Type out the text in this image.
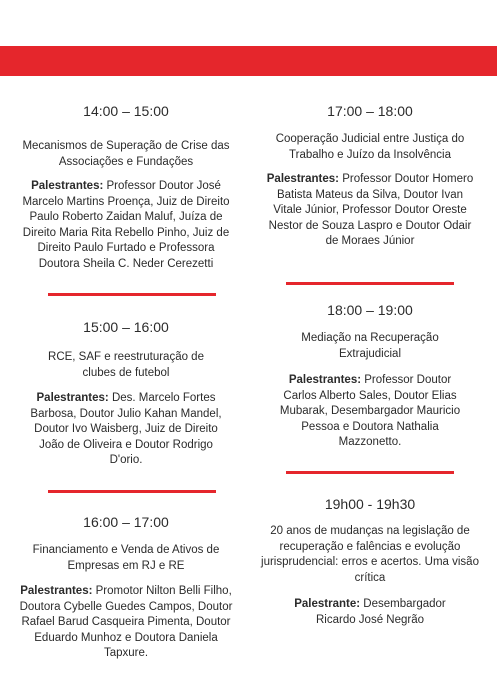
14:00 – 15:00

Mecanismos de Superação de Crise das Associações e Fundações

Palestrantes: Professor Doutor José Marcelo Martins Proença, Juiz de Direito Paulo Roberto Zaidan Maluf, Juíza de Direito Maria Rita Rebello Pinho, Juiz de Direito Paulo Furtado e Professora Doutora Sheila C. Neder Cerezetti

15:00 – 16:00

RCE, SAF e reestruturação de clubes de futebol

Palestrantes: Des. Marcelo Fortes Barbosa, Doutor Julio Kahan Mandel, Doutor Ivo Waisberg, Juiz de Direito João de Oliveira e Doutor Rodrigo D'orio.

16:00 – 17:00

Financiamento e Venda de Ativos de Empresas em RJ e RE

Palestrantes: Promotor Nilton Belli Filho, Doutora Cybelle Guedes Campos, Doutor Rafael Barud Casqueira Pimenta, Doutor Eduardo Munhoz e Doutora Daniela Tapxure.

17:00 – 18:00

Cooperação Judicial entre Justiça do Trabalho e Juízo da Insolvência

Palestrantes: Professor Doutor Homero Batista Mateus da Silva, Doutor Ivan Vitale Júnior, Professor Doutor Oreste Nestor de Souza Laspro e Doutor Odair de Moraes Júnior

18:00 – 19:00

Mediação na Recuperação Extrajudicial

Palestrantes: Professor Doutor Carlos Alberto Sales, Doutor Elias Mubarak, Desembargador Mauricio Pessoa e Doutora Nathalia Mazzonetto.

19h00 - 19h30

20 anos de mudanças na legislação de recuperação e falências e evolução jurisprudencial: erros e acertos. Uma visão crítica

Palestrante: Desembargador Ricardo José Negrão
